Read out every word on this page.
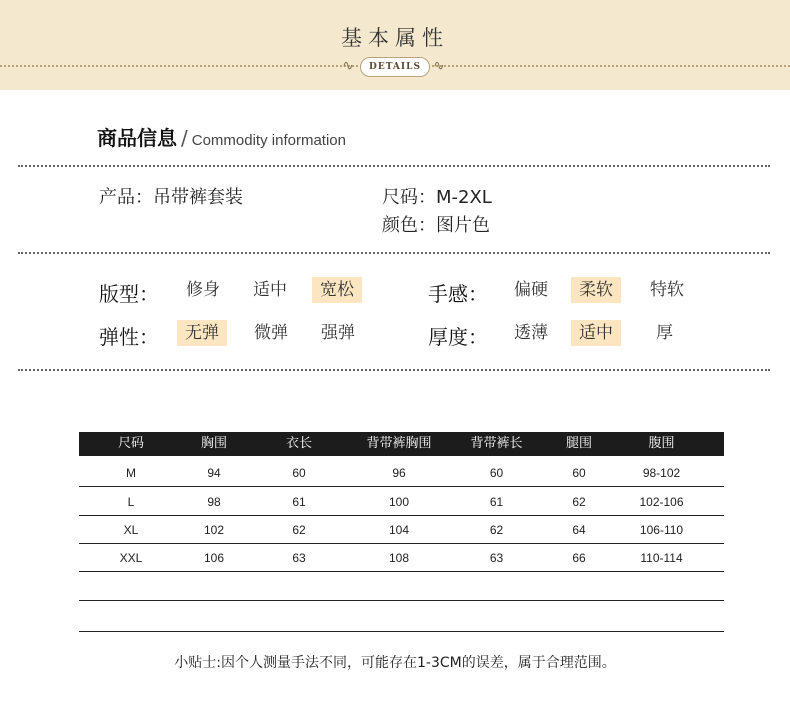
基本属性
∿	DETAILS ∿
商品信息 / Commodity information
产品：吊带裤套装	尺码：M-2XL
颜色：图片色
版型：	修身	适中	宽松	手感：	偏硬	柔软	特软
弹性：	无弹	微弹	强弹	厚度：	透薄	适中	厚
尺码	胸围	衣长	背带裤胸围	背带裤长	腿围	腹围
M	94	60	96	60	60	98-102
L	98	61	100	61	62	102-106
XL	102	62	104	62	64	106-110
XXL	106	63	108	63	66	110-114
小贴士:因个人测量手法不同，可能存在1-3CM的误差，属于合理范围。
